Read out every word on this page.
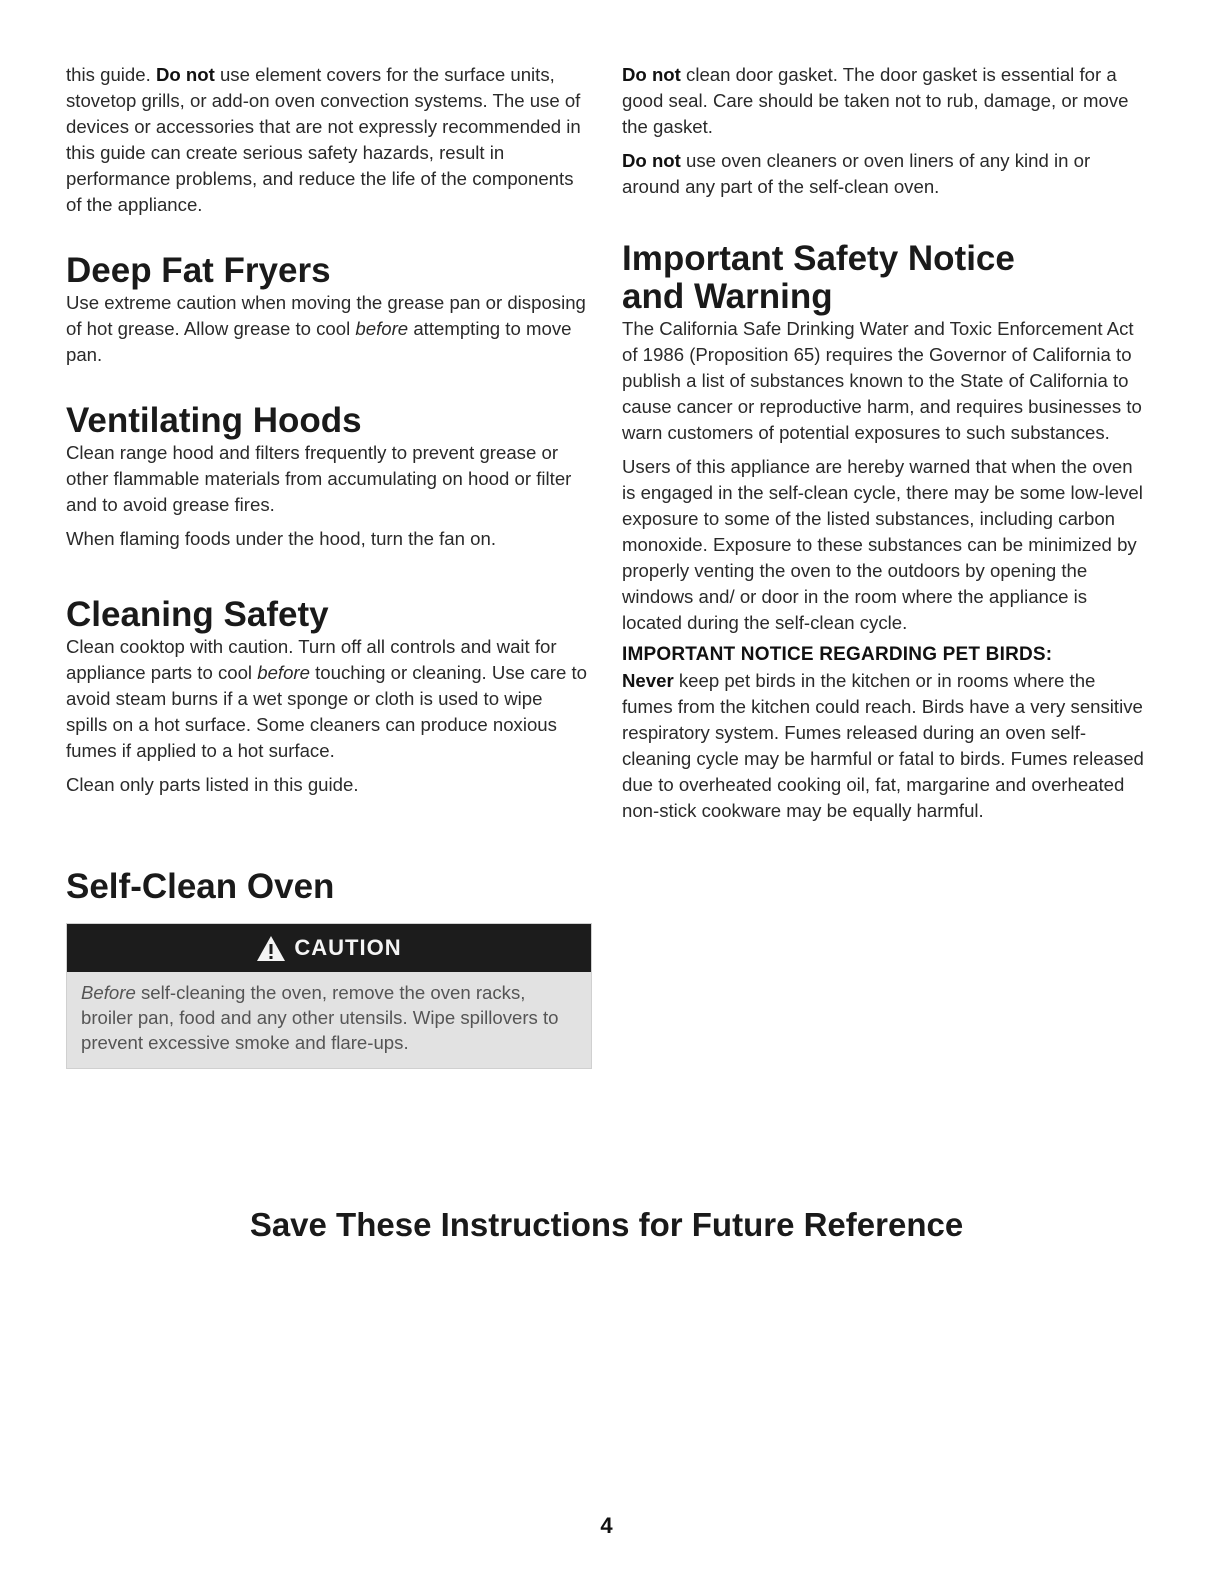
this guide. Do not use element covers for the surface units, stovetop grills, or add-on oven convection systems. The use of devices or accessories that are not expressly recommended in this guide can create serious safety hazards, result in performance problems, and reduce the life of the components of the appliance.

Deep Fat Fryers

Use extreme caution when moving the grease pan or disposing of hot grease. Allow grease to cool before attempting to move pan.

Ventilating Hoods

Clean range hood and filters frequently to prevent grease or other flammable materials from accumulating on hood or filter and to avoid grease fires.

When flaming foods under the hood, turn the fan on.

Cleaning Safety

Clean cooktop with caution. Turn off all controls and wait for appliance parts to cool before touching or cleaning. Use care to avoid steam burns if a wet sponge or cloth is used to wipe spills on a hot surface. Some cleaners can produce noxious fumes if applied to a hot surface.

Clean only parts listed in this guide.

Self-Clean Oven
CAUTION
Before self-cleaning the oven, remove the oven racks, broiler pan, food and any other utensils. Wipe spillovers to prevent excessive smoke and flare-ups.

Do not clean door gasket. The door gasket is essential for a good seal. Care should be taken not to rub, damage, or move the gasket.

Do not use oven cleaners or oven liners of any kind in or around any part of the self-clean oven.

Important Safety Notice
and Warning

The California Safe Drinking Water and Toxic Enforcement Act of 1986 (Proposition 65) requires the Governor of California to publish a list of substances known to the State of California to cause cancer or reproductive harm, and requires businesses to warn customers of potential exposures to such substances.

Users of this appliance are hereby warned that when the oven is engaged in the self-clean cycle, there may be some low-level exposure to some of the listed substances, including carbon monoxide. Exposure to these substances can be minimized by properly venting the oven to the outdoors by opening the windows and/ or door in the room where the appliance is located during the self-clean cycle.

IMPORTANT NOTICE REGARDING PET BIRDS:

Never keep pet birds in the kitchen or in rooms where the fumes from the kitchen could reach. Birds have a very sensitive respiratory system. Fumes released during an oven self-cleaning cycle may be harmful or fatal to birds. Fumes released due to overheated cooking oil, fat, margarine and overheated non-stick cookware may be equally harmful.

Save These Instructions for Future Reference
4
